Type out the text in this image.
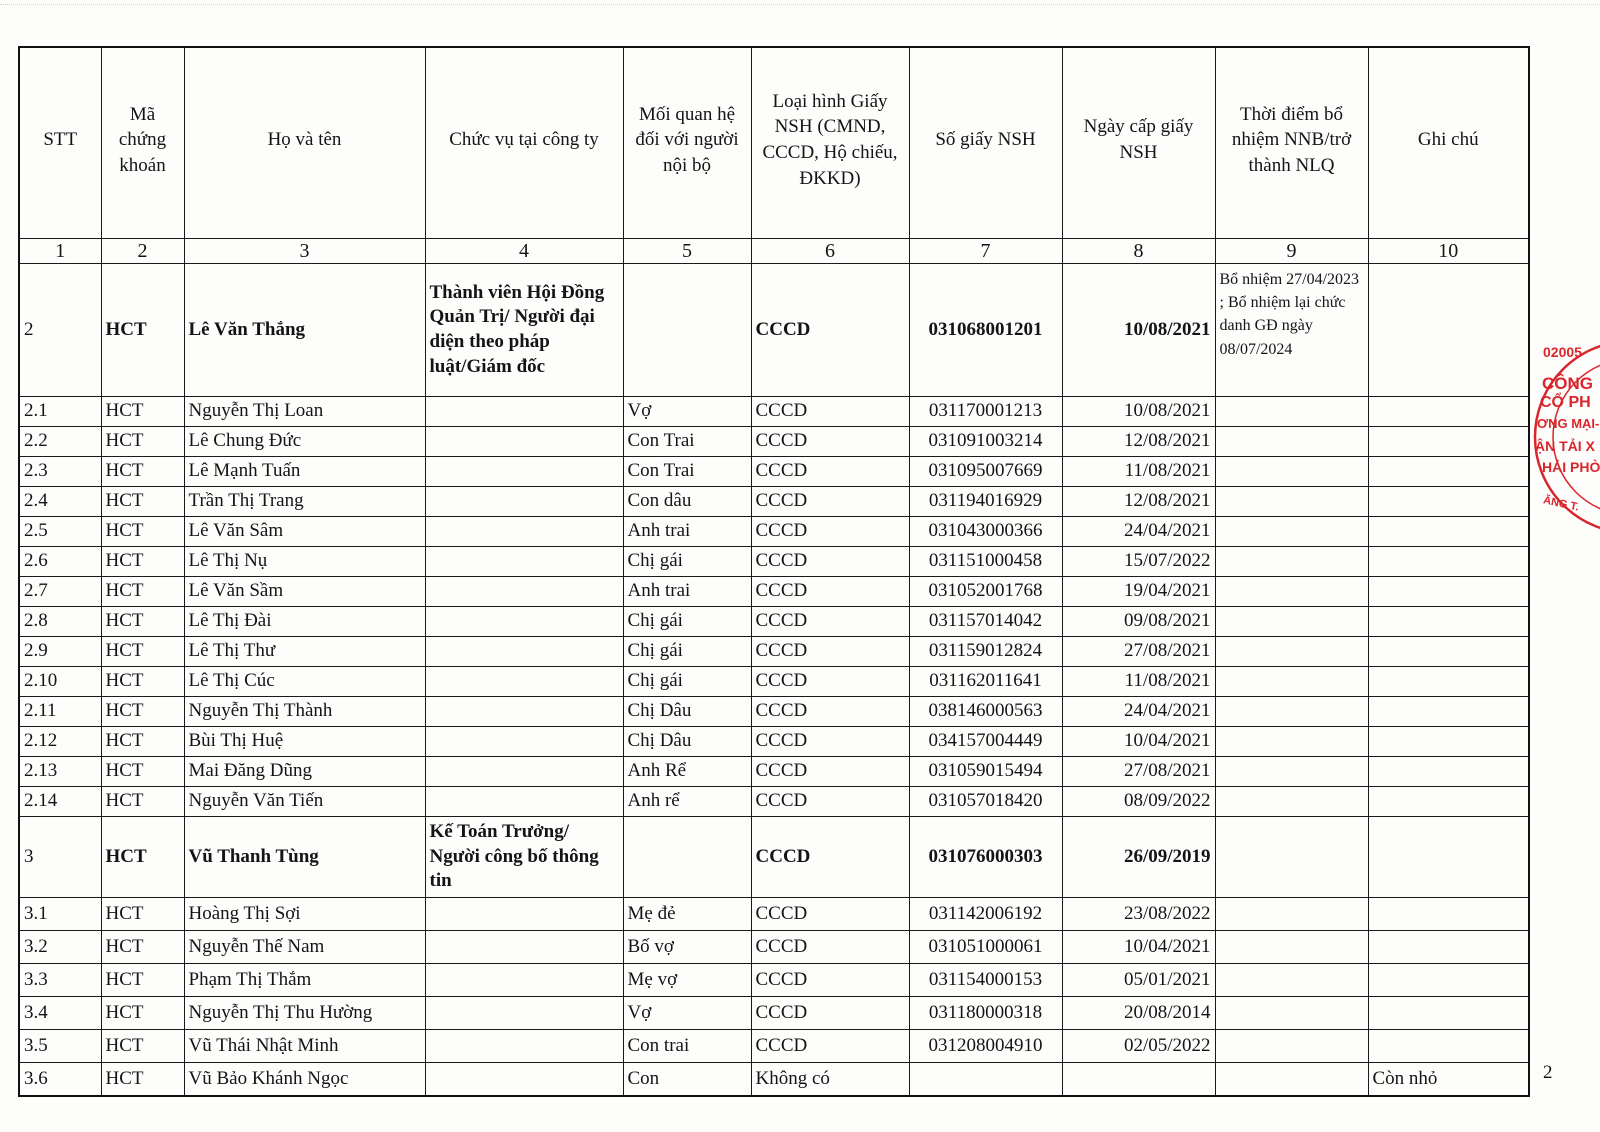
STT	Mã chứng khoán	Họ và tên	Chức vụ tại công ty	Mối quan hệ đối với người nội bộ	Loại hình Giấy NSH (CMND, CCCD, Hộ chiếu, ĐKKD)	Số giấy NSH	Ngày cấp giấy NSH	Thời điểm bổ nhiệm NNB/trở thành NLQ	Ghi chú
1	2	3	4	5	6	7	8	9	10
2	HCT	Lê Văn Thắng	Thành viên Hội Đồng Quản Trị/ Người đại diện theo pháp luật/Giám đốc		CCCD	031068001201	10/08/2021	Bổ nhiệm 27/04/2023 ; Bổ nhiệm lại chức danh GĐ ngày 08/07/2024	
2.1	HCT	Nguyễn Thị Loan		Vợ	CCCD	031170001213	10/08/2021		
2.2	HCT	Lê Chung Đức		Con Trai	CCCD	031091003214	12/08/2021		
2.3	HCT	Lê Mạnh Tuấn		Con Trai	CCCD	031095007669	11/08/2021		
2.4	HCT	Trần Thị Trang		Con dâu	CCCD	031194016929	12/08/2021		
2.5	HCT	Lê Văn Sâm		Anh trai	CCCD	031043000366	24/04/2021		
2.6	HCT	Lê Thị Nụ		Chị gái	CCCD	031151000458	15/07/2022		
2.7	HCT	Lê Văn Sầm		Anh trai	CCCD	031052001768	19/04/2021		
2.8	HCT	Lê Thị Đài		Chị gái	CCCD	031157014042	09/08/2021		
2.9	HCT	Lê Thị Thư		Chị gái	CCCD	031159012824	27/08/2021		
2.10	HCT	Lê Thị Cúc		Chị gái	CCCD	031162011641	11/08/2021		
2.11	HCT	Nguyễn Thị Thành		Chị Dâu	CCCD	038146000563	24/04/2021		
2.12	HCT	Bùi Thị Huệ		Chị Dâu	CCCD	034157004449	10/04/2021		
2.13	HCT	Mai Đăng Dũng		Anh Rể	CCCD	031059015494	27/08/2021		
2.14	HCT	Nguyễn Văn Tiến		Anh rể	CCCD	031057018420	08/09/2022		
3	HCT	Vũ Thanh Tùng	Kế Toán Trưởng/ Người công bố thông tin		CCCD	031076000303	26/09/2019		
3.1	HCT	Hoàng Thị Sợi		Mẹ đẻ	CCCD	031142006192	23/08/2022		
3.2	HCT	Nguyễn Thế Nam		Bố vợ	CCCD	031051000061	10/04/2021		
3.3	HCT	Phạm Thị Thắm		Mẹ vợ	CCCD	031154000153	05/01/2021		
3.4	HCT	Nguyễn Thị Thu Hường		Vợ	CCCD	031180000318	20/08/2014		
3.5	HCT	Vũ Thái Nhật Minh		Con trai	CCCD	031208004910	02/05/2022		
3.6	HCT	Vũ Bảo Khánh Ngọc		Con	Không có				Còn nhỏ
02005
CÔNG
CỔ PH
ƠNG MẠI-
ẬN TẢI X
HẢI PHÒ
ĂNG T.
2
